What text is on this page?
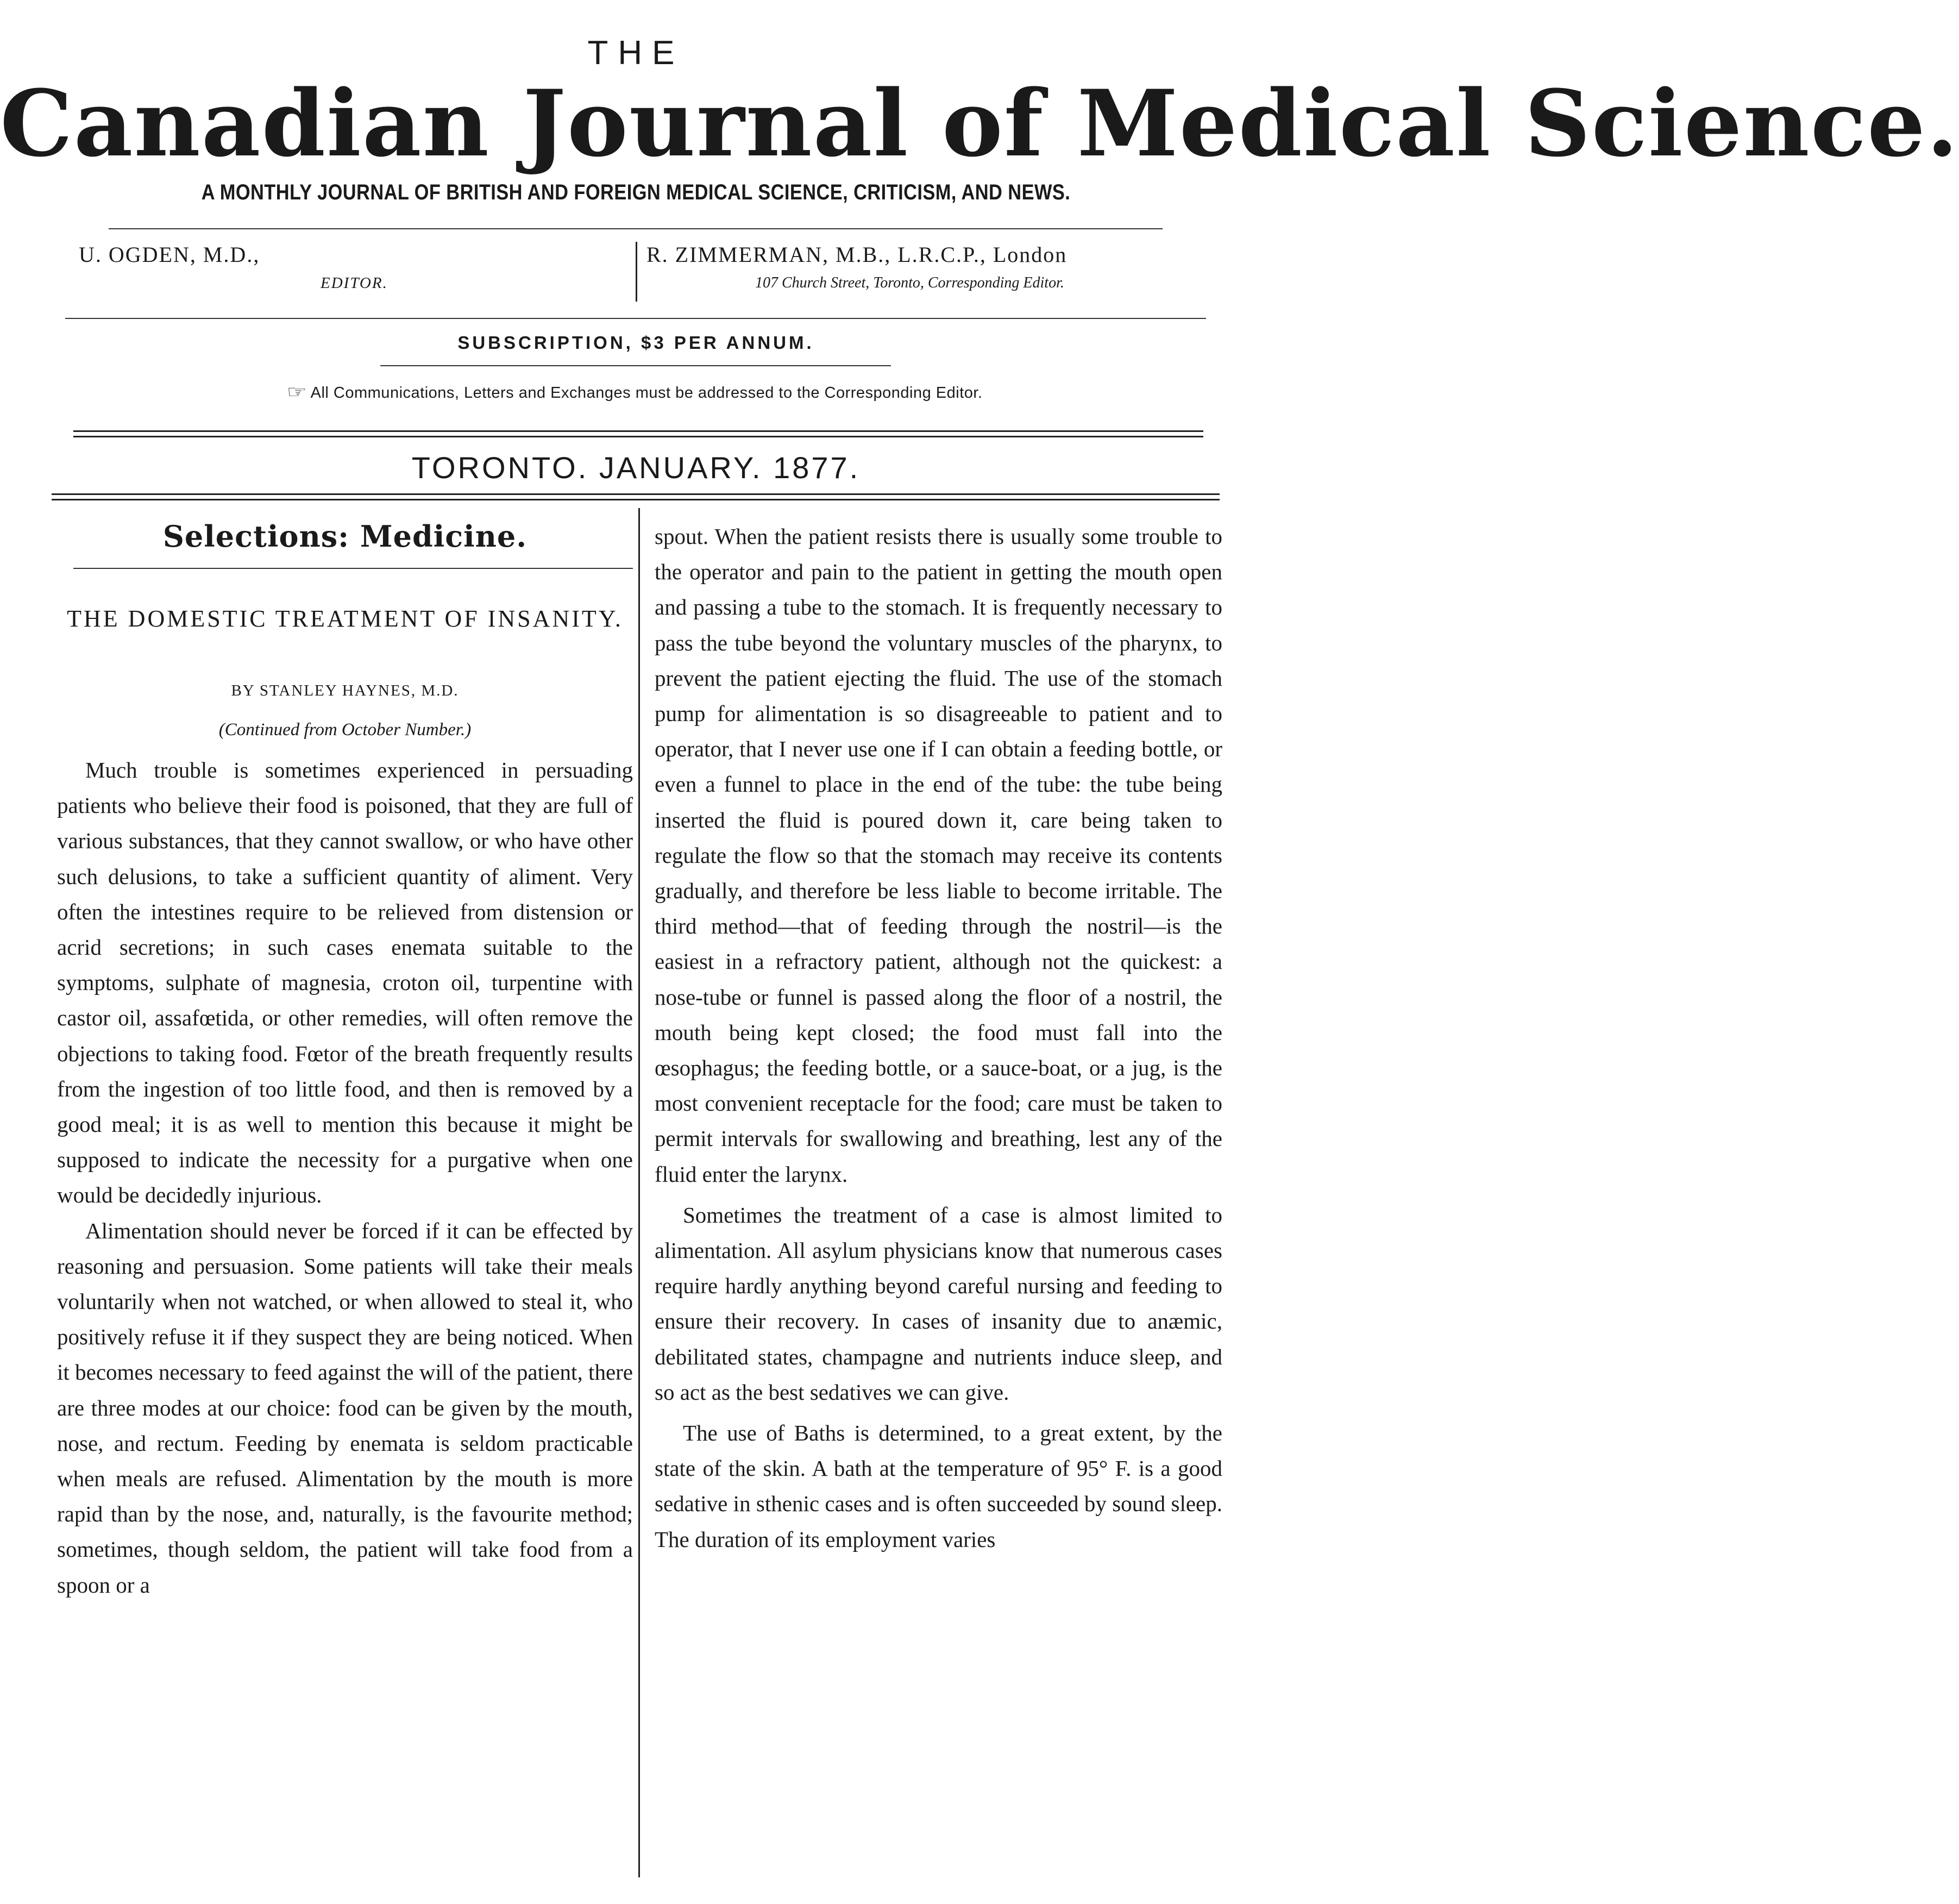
THE
Canadian Journal of Medical Science.
A MONTHLY JOURNAL OF BRITISH AND FOREIGN MEDICAL SCIENCE, CRITICISM, AND NEWS.
U. OGDEN, M.D.,
EDITOR.
R. ZIMMERMAN, M.B., L.R.C.P., London
107 Church Street, Toronto, Corresponding Editor.
SUBSCRIPTION, $3 PER ANNUM.
☞ All Communications, Letters and Exchanges must be addressed to the Corresponding Editor.
TORONTO. JANUARY. 1877.
Selections: Medicine.
THE DOMESTIC TREATMENT OF INSANITY.
BY STANLEY HAYNES, M.D.
(Continued from October Number.)

Much trouble is sometimes experienced in persuading patients who believe their food is poisoned, that they are full of various substances, that they cannot swallow, or who have other such delusions, to take a sufficient quantity of aliment. Very often the intestines require to be relieved from distension or acrid secretions; in such cases enemata suitable to the symptoms, sulphate of magnesia, croton oil, turpentine with castor oil, assafœtida, or other remedies, will often remove the objections to taking food. Fœtor of the breath frequently results from the ingestion of too little food, and then is removed by a good meal; it is as well to mention this because it might be supposed to indicate the necessity for a purgative when one would be decidedly injurious.

Alimentation should never be forced if it can be effected by reasoning and persuasion. Some patients will take their meals voluntarily when not watched, or when allowed to steal it, who positively refuse it if they suspect they are being noticed. When it becomes necessary to feed against the will of the patient, there are three modes at our choice: food can be given by the mouth, nose, and rectum. Feeding by enemata is seldom practicable when meals are refused. Alimentation by the mouth is more rapid than by the nose, and, naturally, is the favourite method; sometimes, though seldom, the patient will take food from a spoon or a

spout. When the patient resists there is usually some trouble to the operator and pain to the patient in getting the mouth open and passing a tube to the stomach. It is frequently necessary to pass the tube beyond the voluntary muscles of the pharynx, to prevent the patient ejecting the fluid. The use of the stomach pump for alimentation is so disagreeable to patient and to operator, that I never use one if I can obtain a feeding bottle, or even a funnel to place in the end of the tube: the tube being inserted the fluid is poured down it, care being taken to regulate the flow so that the stomach may receive its contents gradually, and therefore be less liable to become irritable. The third method—that of feeding through the nostril—is the easiest in a refractory patient, although not the quickest: a nose-tube or funnel is passed along the floor of a nostril, the mouth being kept closed; the food must fall into the œsophagus; the feeding bottle, or a sauce-boat, or a jug, is the most convenient receptacle for the food; care must be taken to permit intervals for swallowing and breathing, lest any of the fluid enter the larynx.

Sometimes the treatment of a case is almost limited to alimentation. All asylum physicians know that numerous cases require hardly anything beyond careful nursing and feeding to ensure their recovery. In cases of insanity due to anæmic, debilitated states, champagne and nutrients induce sleep, and so act as the best sedatives we can give.

The use of Baths is determined, to a great extent, by the state of the skin. A bath at the temperature of 95° F. is a good sedative in sthenic cases and is often succeeded by sound sleep. The duration of its employment varies
